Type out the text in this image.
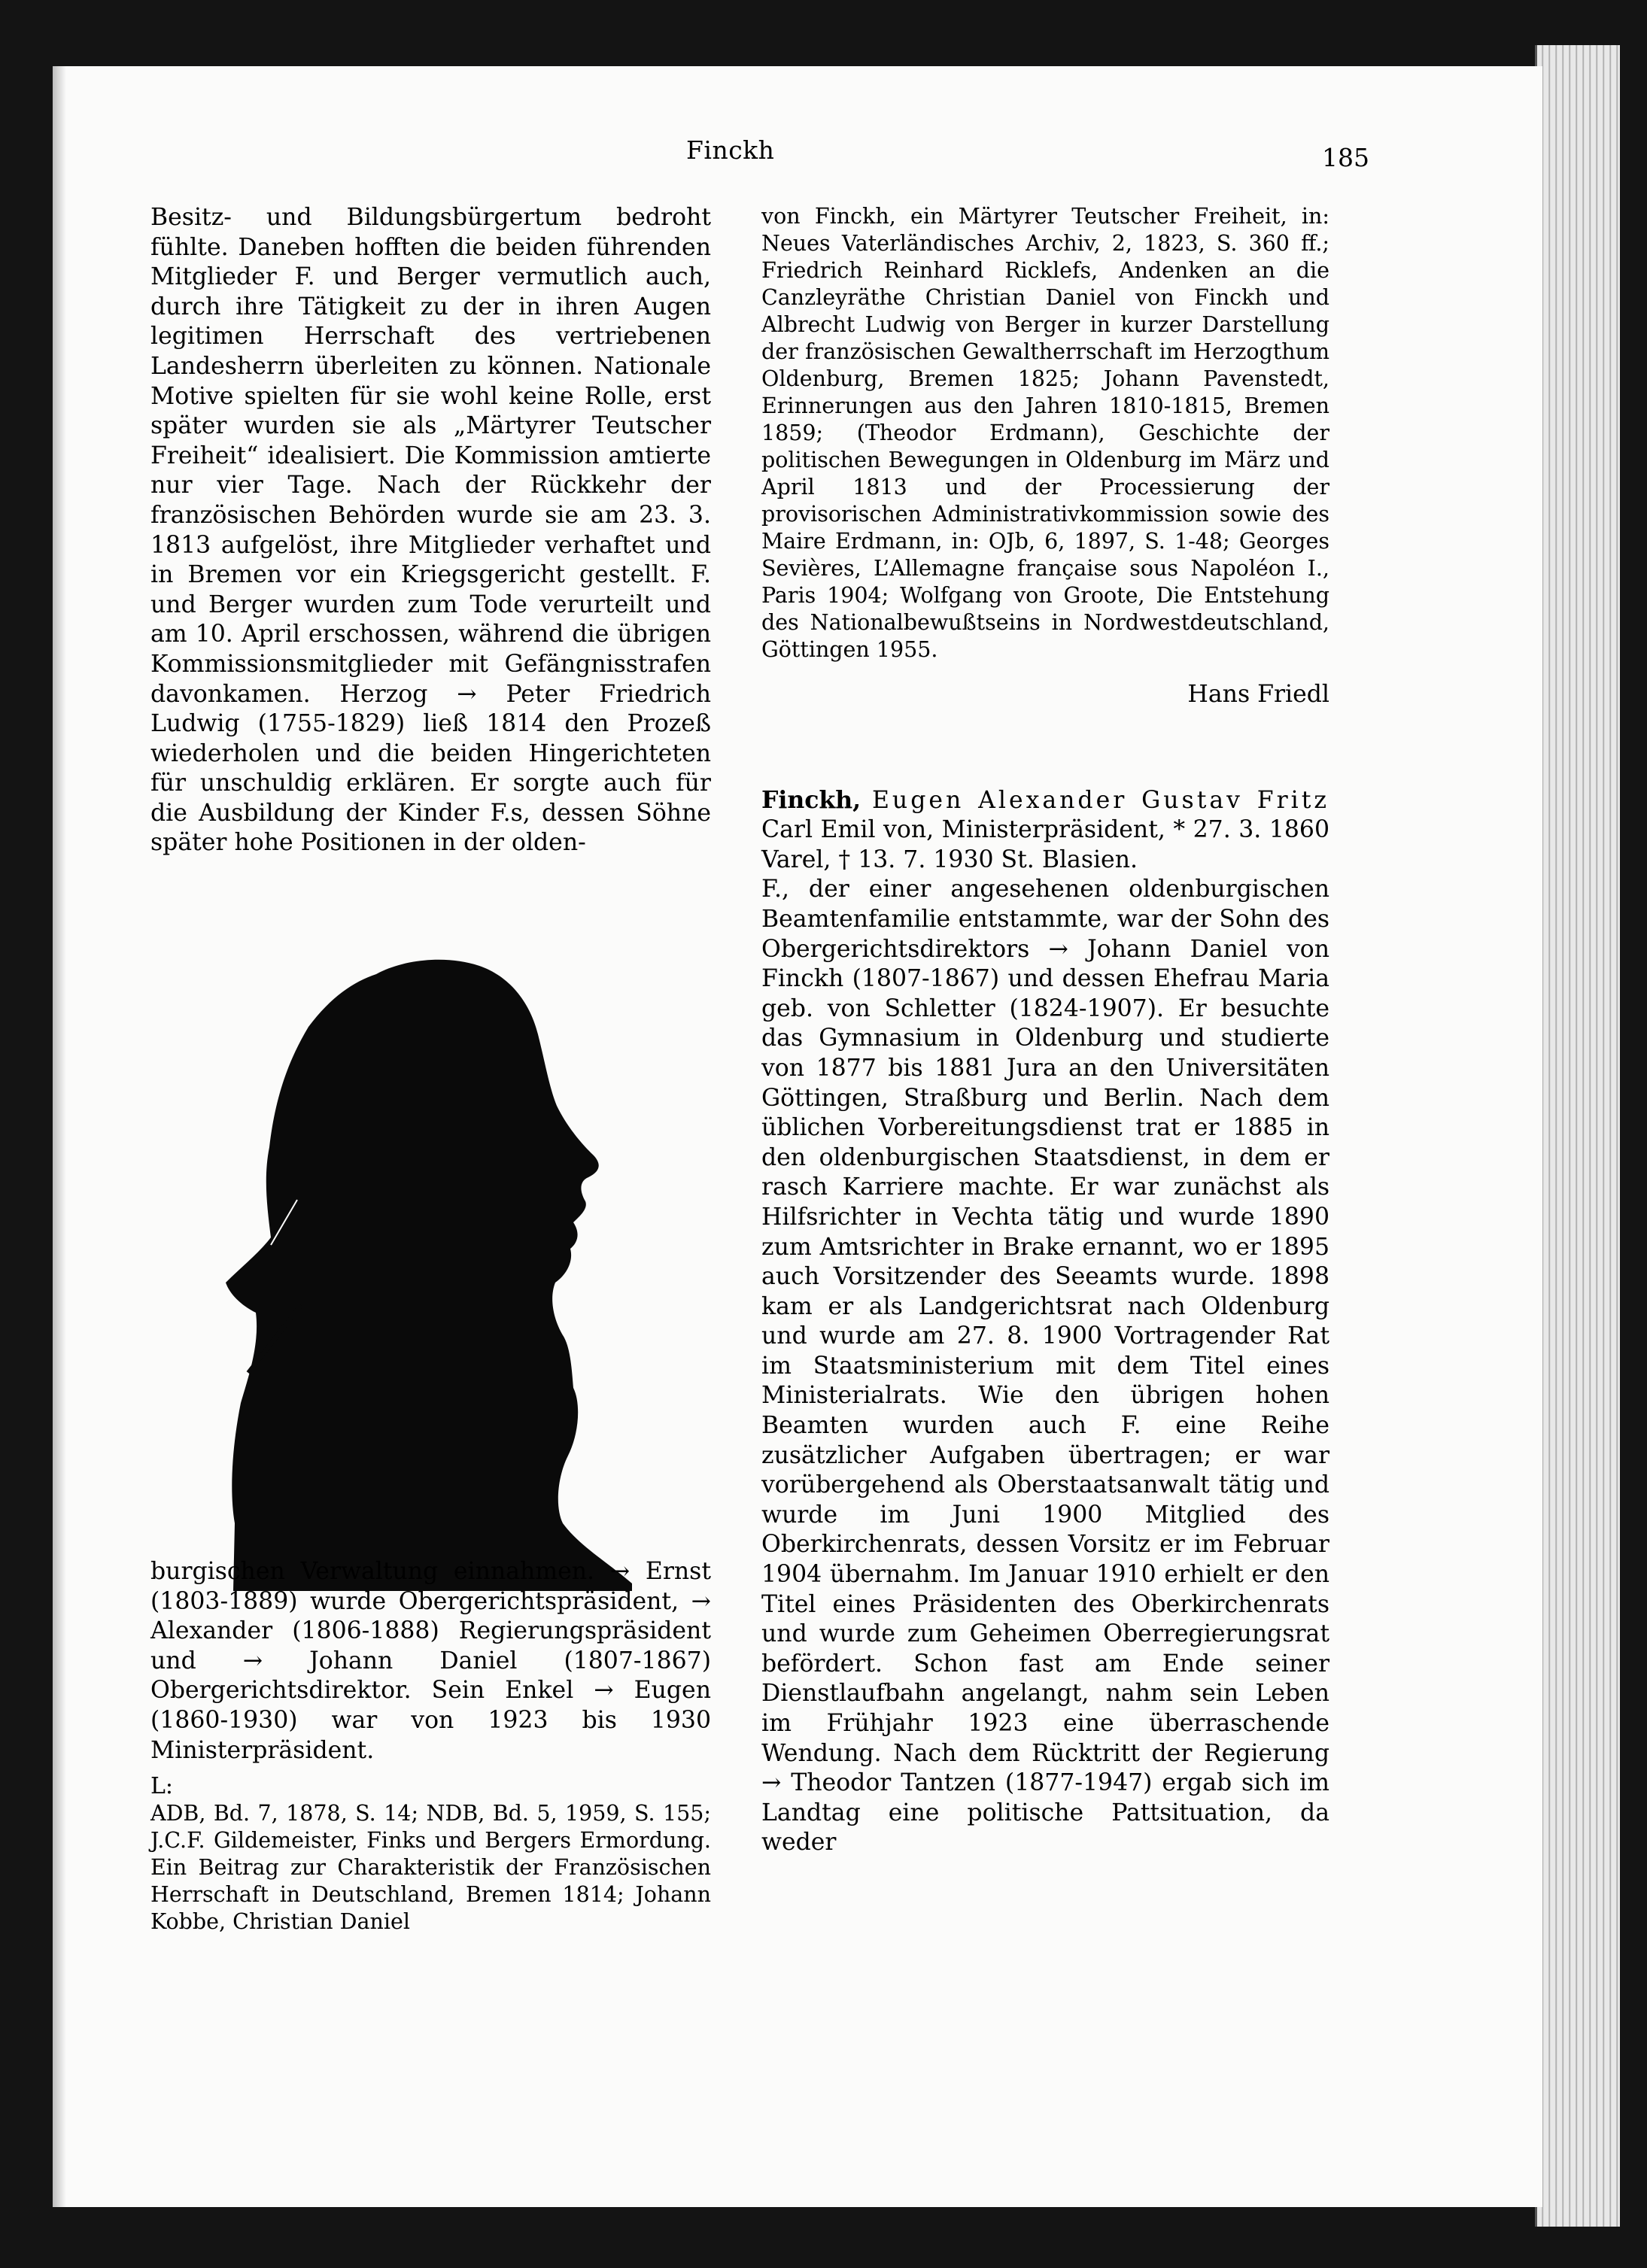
Finckh	185

Besitz- und Bildungsbürgertum bedroht fühlte. Daneben hofften die beiden führenden Mitglieder F. und Berger vermutlich auch, durch ihre Tätigkeit zu der in ihren Augen legitimen Herrschaft des vertriebenen Landesherrn überleiten zu können. Nationale Motive spielten für sie wohl keine Rolle, erst später wurden sie als „Märtyrer Teutscher Freiheit“ idealisiert. Die Kommission amtierte nur vier Tage. Nach der Rückkehr der französischen Behörden wurde sie am 23. 3. 1813 aufgelöst, ihre Mitglieder verhaftet und in Bremen vor ein Kriegsgericht gestellt. F. und Berger wurden zum Tode verurteilt und am 10. April erschossen, während die übrigen Kommissionsmitglieder mit Gefängnisstrafen davonkamen. Herzog → Peter Friedrich Ludwig (1755-1829) ließ 1814 den Prozeß wiederholen und die beiden Hingerichteten für unschuldig erklären. Er sorgte auch für die Ausbildung der Kinder F.s, dessen Söhne später hohe Positionen in der olden-

burgischen Verwaltung einnahmen. → Ernst (1803-1889) wurde Obergerichtspräsident, → Alexander (1806-1888) Regierungspräsident und → Johann Daniel (1807-1867) Obergerichtsdirektor. Sein Enkel → Eugen (1860-1930) war von 1923 bis 1930 Ministerpräsident.

L:

ADB, Bd. 7, 1878, S. 14; NDB, Bd. 5, 1959, S. 155; J.C.F. Gildemeister, Finks und Bergers Ermordung. Ein Beitrag zur Charakteristik der Französischen Herrschaft in Deutschland, Bremen 1814; Johann Kobbe, Christian Daniel

von Finckh, ein Märtyrer Teutscher Freiheit, in: Neues Vaterländisches Archiv, 2, 1823, S. 360 ff.; Friedrich Reinhard Ricklefs, Andenken an die Canzleyräthe Christian Daniel von Finckh und Albrecht Ludwig von Berger in kurzer Darstellung der französischen Gewaltherrschaft im Herzogthum Oldenburg, Bremen 1825; Johann Pavenstedt, Erinnerungen aus den Jahren 1810-1815, Bremen 1859; (Theodor Erdmann), Geschichte der politischen Bewegungen in Oldenburg im März und April 1813 und der Processierung der provisorischen Administrativkommission sowie des Maire Erdmann, in: OJb, 6, 1897, S. 1-48; Georges Sevières, L’Allemagne française sous Napoléon I., Paris 1904; Wolfgang von Groote, Die Entstehung des Nationalbewußtseins in Nordwestdeutschland, Göttingen 1955.

Hans Friedl

Finckh, Eugen Alexander Gustav Fritz Carl Emil von, Ministerpräsident, * 27. 3. 1860 Varel, † 13. 7. 1930 St. Blasien.

F., der einer angesehenen oldenburgischen Beamtenfamilie entstammte, war der Sohn des Obergerichtsdirektors → Johann Daniel von Finckh (1807-1867) und dessen Ehefrau Maria geb. von Schletter (1824-1907). Er besuchte das Gymnasium in Oldenburg und studierte von 1877 bis 1881 Jura an den Universitäten Göttingen, Straßburg und Berlin. Nach dem üblichen Vorbereitungsdienst trat er 1885 in den oldenburgischen Staatsdienst, in dem er rasch Karriere machte. Er war zunächst als Hilfsrichter in Vechta tätig und wurde 1890 zum Amtsrichter in Brake ernannt, wo er 1895 auch Vorsitzender des Seeamts wurde. 1898 kam er als Landgerichtsrat nach Oldenburg und wurde am 27. 8. 1900 Vortragender Rat im Staatsministerium mit dem Titel eines Ministerialrats. Wie den übrigen hohen Beamten wurden auch F. eine Reihe zusätzlicher Aufgaben übertragen; er war vorübergehend als Oberstaatsanwalt tätig und wurde im Juni 1900 Mitglied des Oberkirchenrats, dessen Vorsitz er im Februar 1904 übernahm. Im Januar 1910 erhielt er den Titel eines Präsidenten des Oberkirchenrats und wurde zum Geheimen Oberregierungsrat befördert. Schon fast am Ende seiner Dienstlaufbahn angelangt, nahm sein Leben im Frühjahr 1923 eine überraschende Wendung. Nach dem Rücktritt der Regierung → Theodor Tantzen (1877-1947) ergab sich im Landtag eine politische Pattsituation, da weder
